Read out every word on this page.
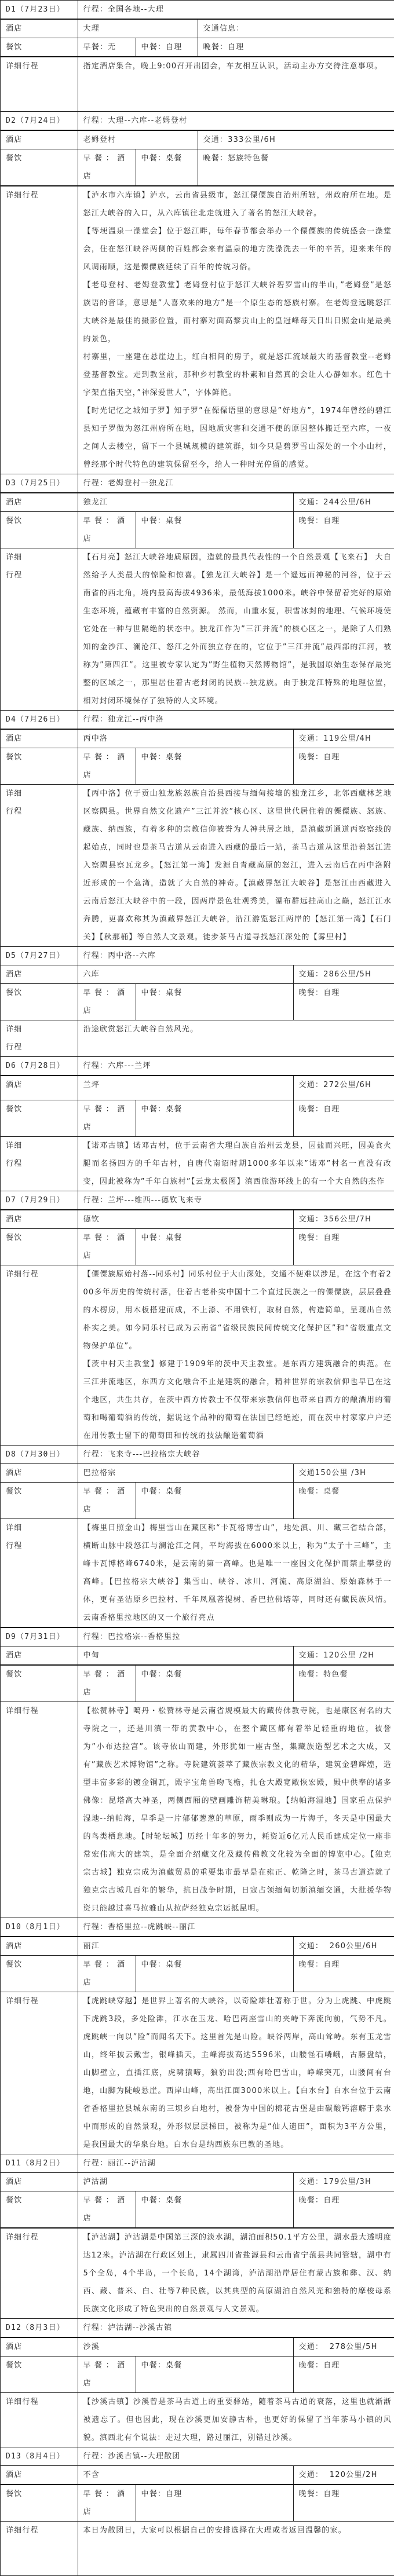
D1（7月23日）	行程：全国各地--大理		
酒店	大理		交通信息：
餐饮	早餐：无	中餐：自理	晚餐：自理
详细行程	指定酒店集合，晚上9:00召开出团会，车友相互认识，活动主办方交待注意事项。		
D2（7月24日）	行程：大理--六库--老姆登村		
酒店	老姆登村		交通：333公里/6H
餐饮	早 餐 ： 酒店	中餐：桌餐	晚餐：怒族特色餐
详细行程	【泸水市六库镇】泸水，云南省县级市，怒江傈僳族自治州所辖，州政府所在地。是怒江大峡谷的入口，从六库镇往北走就进入了著名的怒江大峡谷。
【等埂温泉一澡堂会】位于怒江畔，每年春节都会举办一个傈僳族的传统盛会一澡堂会，住在怒江峡谷两侧的百姓都会来有温泉的地方洗澡洗去一年的辛苦，迎来来年的风调雨顺，这是傈僳族延续了百年的传统习俗。
【老母登村、老姆登教堂】老姆登村位于怒江大峡谷碧罗雪山的半山，”老姆登”是怒族语的音译，意思是”人喜欢来的地方”是一个原生态的怒族村寨。在老姆登远眺怒江大峡谷是最佳的摄影位置，而村寨对面高黎贡山上的皇冠峰每天日出日照金山是最美的景色，
村寨里，一座建在悬崖边上，红白相间的房子，就是怒江流域最大的基督教堂--老姆登基督教堂。走到教堂前，那种乡村教堂的朴素和自然真的会让人心静如水。红色十字架直指天空，”神深爱世人”，字体鲜艳。
【时光记忆之城知子罗】知子罗”在傈僳语里的意思是”好地方”，1974年曾经的碧江县知子罗做为怒江州府所在地，因地质灾害和交通不便的原因整体搬迁至六库，一夜之间人去楼空，留下一个县城规模的建筑群，如今只是碧罗雪山深处的一个小山村，曾经那个时代特色的建筑保留至今，给人一种时光停留的感觉。		
D3（7月25日）	行程：老姆登村一独龙江		
酒店	独龙江		交通：244公里/6H
餐饮	早 餐 ： 酒店	中餐：桌餐	晚餐：自理

详细
行程	【石月亮】怒江大峡谷地质原因，造就的最具代表性的一个自然景观【飞来石】 大自然给予人类最大的惊险和惊喜。【独龙江大峡谷】是一个遥远而神秘的河谷，位于云南省的西北角，境内最高海拔4936米，最低海拔1000米。峡谷中保留着完好的原始生态环境，蕴藏有丰富的自然资源。 然而，山重水复，积雪冰封的地理、气候环境使它处在一种与世隔绝的状态中。独龙江作为”三江并流”的核心区之一，是除了人们熟知的金沙江、澜沧江、怒江之外而独立存在的，它位于”三江并流”最西部的江河，被称为”第四江”。这里被专家认定为”野生植物天然博物馆”，是我国原始生态保存最完整的区域之一，那里居住着古老封闭的民族--独龙族。由于独龙江特殊的地理位置，相对封闭环境保存了独特的人文环境。		
D4（7月26日）	行程：独龙江--丙中洛		
酒店	丙中洛		交通：119公里/4H
餐饮	早 餐 ： 酒店	中餐：桌餐	晚餐：自理

详细
行程	【丙中洛】位于贡山独龙族怒族自治县西接与缅甸接壤的独龙江乡，北邻西藏林芝地区察隅县。世界自然文化遗产”三江并流”核心区、这里世代居住着的傈僳族、怒族、藏族、纳西族，有着多种的宗教信仰被誉为人神共居之地，是滇藏新通道丙察察线的起始点，同时也是茶马古道从云南进入西藏的最后一站，茶马古道从这里沿着怒江进入察隅县察瓦龙乡。【怒江第一湾】发源自青藏高原的怒江，进入云南后在丙中洛附近形成的一个急湾，造就了大自然的神奇。【滇藏界怒江大峡谷】是怒江由西藏进入云南后怒江大峡谷中的一段，因两岸景色壮观秀美，瀑布群远挂高山之巅，怒江江水奔腾，更喜欢称其为滇藏界怒江大峡谷，沿江游览怒江两岸的【怒江第一湾】【石门关】【秋那桶】等自然人文景观。徒步茶马古道寻找怒江深处的【雾里村】		
D5（7月27日）	行程：丙中洛--六库		
酒店	六库		交通：286公里/5H
餐饮	早 餐 ： 酒店	中餐：桌餐	晚餐：自理

详细
行程	沿途欣赏怒江大峡谷自然风光。		
D6（7月28日）	行程：六库---兰坪		
酒店	兰坪		交通：272公里/6H
餐饮	早 餐 ： 酒店	中餐：桌餐	晚餐：自理

详细
行程	【诺邓古镇】诺邓古村，位于云南省大理白族自治州云龙县，因盐而兴旺，因美食火腿而名扬四方的千年古村，自唐代南诏时期1000多年以来”诺邓”村名一直没有改变，因此被称为”千年白族村”【云龙太极图】滇西旅游环线上的有一个大自然的杰作		
D7（7月29日）	行程：兰坪---维西---德钦飞来寺		
酒店	德钦		交通：356公里/7H
餐饮	早 餐 ： 酒店	中餐：桌餐	晚餐：自理
详细行程	【傈僳族原始村落--同乐村】同乐村位于大山深处，交通不便难以涉足，在这个有着200多年历史的传统村落，住着古老朴实中国十二个直过民族之一的傈僳族，层层叠叠的木楞房，用木板搭建而成，不上漆、不用铁钉，取材自然，构造简单，呈现出自然朴实之美。如今同乐村已成为云南省“省级民族民间传统文化保护区”和“省级重点文物保护单位”。
【茨中村天主教堂】修建于1909年的茨中天主教堂。是东西方建筑融合的典范。在三江并流地区，东西方文化融合不止是建筑的融合，精神世界的宗教信仰也早已在这个地区，共生共存，在茨中西方传教士不仅带来宗教信仰也带来自西方的酿酒用的葡萄和喝葡萄酒的传统，据说这个品种的葡萄在法国已经绝迹，而在茨中村家家户户还在用传教士留下的葡萄田和传统的技法酿造葡萄酒		
D8（7月30日）	行程：飞来寺---巴拉格宗大峡谷		
酒店	巴拉格宗		交通150公里 /3H
餐饮	早 餐 ： 酒店	中餐：桌餐	晚餐：桌餐

详细
行程	【梅里日照金山】梅里雪山在藏区称“卡瓦格博雪山”，地处滇、川、藏三省结合部，横断山脉中段怒江与澜沧江之间，平均海拔在6000米以上，称为“太子十三峰”，主峰卡瓦博格峰6740米，是云南的第一高峰。也是唯一一座因文化保护而禁止攀登的高峰。【巴拉格宗大峡谷】集雪山、峡谷、冰川、河流、高原湖泊、原始森林于一体，更有圣洁原乡巴拉村、千年凤凰菩提树、香巴拉佛塔等，同时还有藏民族风情。云南香格里拉地区的又一个旅行亮点		
D9（7月31日）	行程：巴拉格宗--香格里拉		
酒店	中甸		交通：120公里 /2H
餐饮	早 餐 ： 酒店	中餐：桌餐	晚餐：特色餐
详细行程	【松赞林寺】噶丹・松赞林寺是云南省规模最大的藏传佛教寺院，也是康区有名的大寺院之一，还是川滇一带的黄教中心，在整个藏区都有着举足轻重的地位，被誉为”小布达拉宫”。该寺依山而建，外形犹如一座古堡，集藏族造型艺术之大成，又有”藏族艺术博物馆”之称。寺院建筑荟萃了藏族宗教文化的精华，建筑金碧辉煌，造型丰富多彩的镀金铜瓦，殿宇宝角兽吻飞檐，扎仓大殿宽敞恢宏殿，殿中供奉的诸多佛像：昆塔高大神圣，两侧西厢的壁画雕饰精美琳琅。【纳帕海湿地】国家重点保护湿地--纳帕海，旱季是一片郁郁葱葱的草原，雨季则成为一片海子，冬天是中国最大的鸟类栖息地。【时轮坛城】历经十年多的努力，耗资近6亿元人民币建成定位一座非常宏伟高大的建筑，是全面介绍藏文化及藏传佛教文化较为全面的博览中心。【独克宗古城】独克宗成为滇藏贸易的重要集市最早是在雍正、乾隆之时，茶马古道造就了独克宗古城几百年的繁华，抗日战争时期，日寇占领缅甸切断滇缅交通，大批援华物资只能越过喜马拉雅山从拉萨经独克宗运抵昆明。		
D10（8月1日）	行程：香格里拉--虎跳峡--丽江		
酒店	丽江		交通：  260公里/6H
餐饮	早 餐 ： 酒店	中餐：桌餐	晚餐：自理
详细行程	【虎跳峡穿越】是世界上著名的大峡谷，以奇险雄壮著称于世。分为上虎跳、中虎跳下虎跳3段，多处险滩，江水在玉龙、哈巴两座雪山的夹峙下奔流向前，气势不凡。虎跳峡一向以”险”而闻名天下。这里首先是山险。峡谷两岸，高山耸峙。东有玉龙雪山，终年披云戴雪，银峰插天，主峰海拔高达5596米，山腰怪石嶙峨，古藤盘结，山脚壁立，直插江底，虎啸猿啼，狼豹出没;西有哈巴雪山，峥嵘突兀，山腰间有台地，山脚为陡峻悬崖。西岸山峰，高出江面3000米以上。【白水台】白水台位于云南省香格里拉县城东南的三坝乡白地村，被誉为中国的棉花古堡是由碳酸钙溶解于泉水中而形成的自然景观，外形似层层梯田，被称为是“仙人遗田”，面积为3平方公里，是我国最大的华泉台地。白水台是纳西族东巴教的圣地。		
D11（8月2日）	行程：丽江--泸沽湖		
酒店	泸沽湖		交通：179公里/3H
餐饮	早 餐 ： 酒店	中餐：桌餐	晚餐：自理
详细行程	【泸沽湖】泸沽湖是中国第三深的淡水湖，湖泊面积50.1平方公里，湖水最大透明度达12米。泸沽湖在行政区划上，隶属四川省盐源县和云南省宁蒗县共同管辖，湖中有5个全岛，4个半岛，一个长岛，14个湖湾，泸沽湖沿岸居住有蒙古族和彝、汉、纳西、藏、普米、白、壮等7种民族，以其典型的高原湖泊自然风光和独特的摩梭母系民族文化形成了特色突出的自然景观与人文景观。		
D12（8月3日）	行程：泸沽湖--沙溪古镇		
酒店	沙溪		交通：  278公里/5H
餐饮	早 餐 ： 酒店	中餐：桌餐	晚餐：自理
详细行程	【沙溪古镇】沙溪曾是茶马古道上的重要驿站，随着茶马古道的衰落，这里也就渐渐被遗忘了。但也因此，现在沙溪更加安静古朴，也更好的保留了当年茶马小镇的风貌。滇西北有个说法：走过大理，路过丽江，别错过沙溪。		
D13（8月4日）	行程：沙溪古镇--大理散团		
酒店	不含		交通：  120公里/2H
餐饮	早 餐 ： 酒店	中餐：自理	晚餐：自理
详细行程	本日为散团日，大家可以根据自己的安排选择在大理或者返回温馨的家。		
